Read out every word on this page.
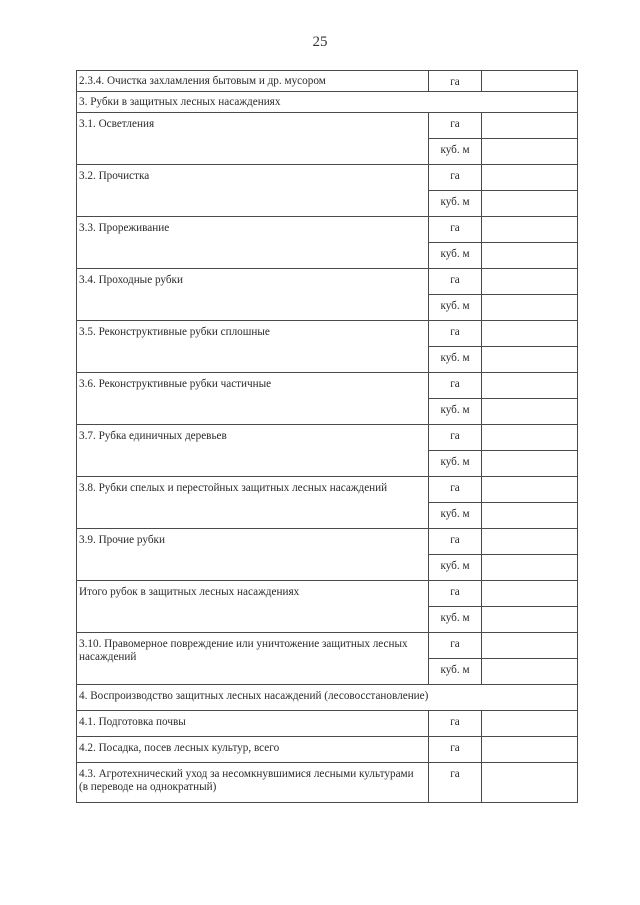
25
2.3.4. Очистка захламления бытовым и др. мусором	га	
3. Рубки в защитных лесных насаждениях		
3.1. Осветления	га	
	куб. м	
3.2. Прочистка	га	
	куб. м	
3.3. Прореживание	га	
	куб. м	
3.4. Проходные рубки	га	
	куб. м	
3.5. Реконструктивные рубки сплошные	га	
	куб. м	
3.6. Реконструктивные рубки частичные	га	
	куб. м	
3.7. Рубка единичных деревьев	га	
	куб. м	
3.8. Рубки спелых и перестойных защитных лесных насаждений	га	
	куб. м	
3.9. Прочие рубки	га	
	куб. м	
Итого рубок в защитных лесных насаждениях	га	
	куб. м	
3.10. Правомерное повреждение или уничтожение защитных лесных насаждений	га	
	куб. м	
4. Воспроизводство защитных лесных насаждений (лесовосстановление)		
4.1. Подготовка почвы	га	
4.2. Посадка, посев лесных культур, всего	га	
4.3. Агротехнический уход за несомкнувшимися лесными культурами (в переводе на однократный)	га	
